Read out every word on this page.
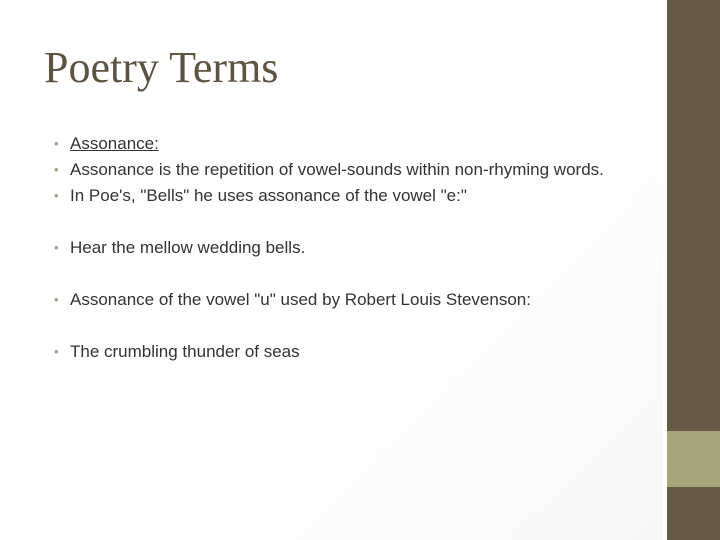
Poetry Terms
• Assonance:
• Assonance is the repetition of vowel-sounds within non-rhyming words.
• In Poe's, "Bells" he uses assonance of the vowel "e:"
• Hear the mellow wedding bells.
• Assonance of the vowel "u" used by Robert Louis Stevenson:
• The crumbling thunder of seas
